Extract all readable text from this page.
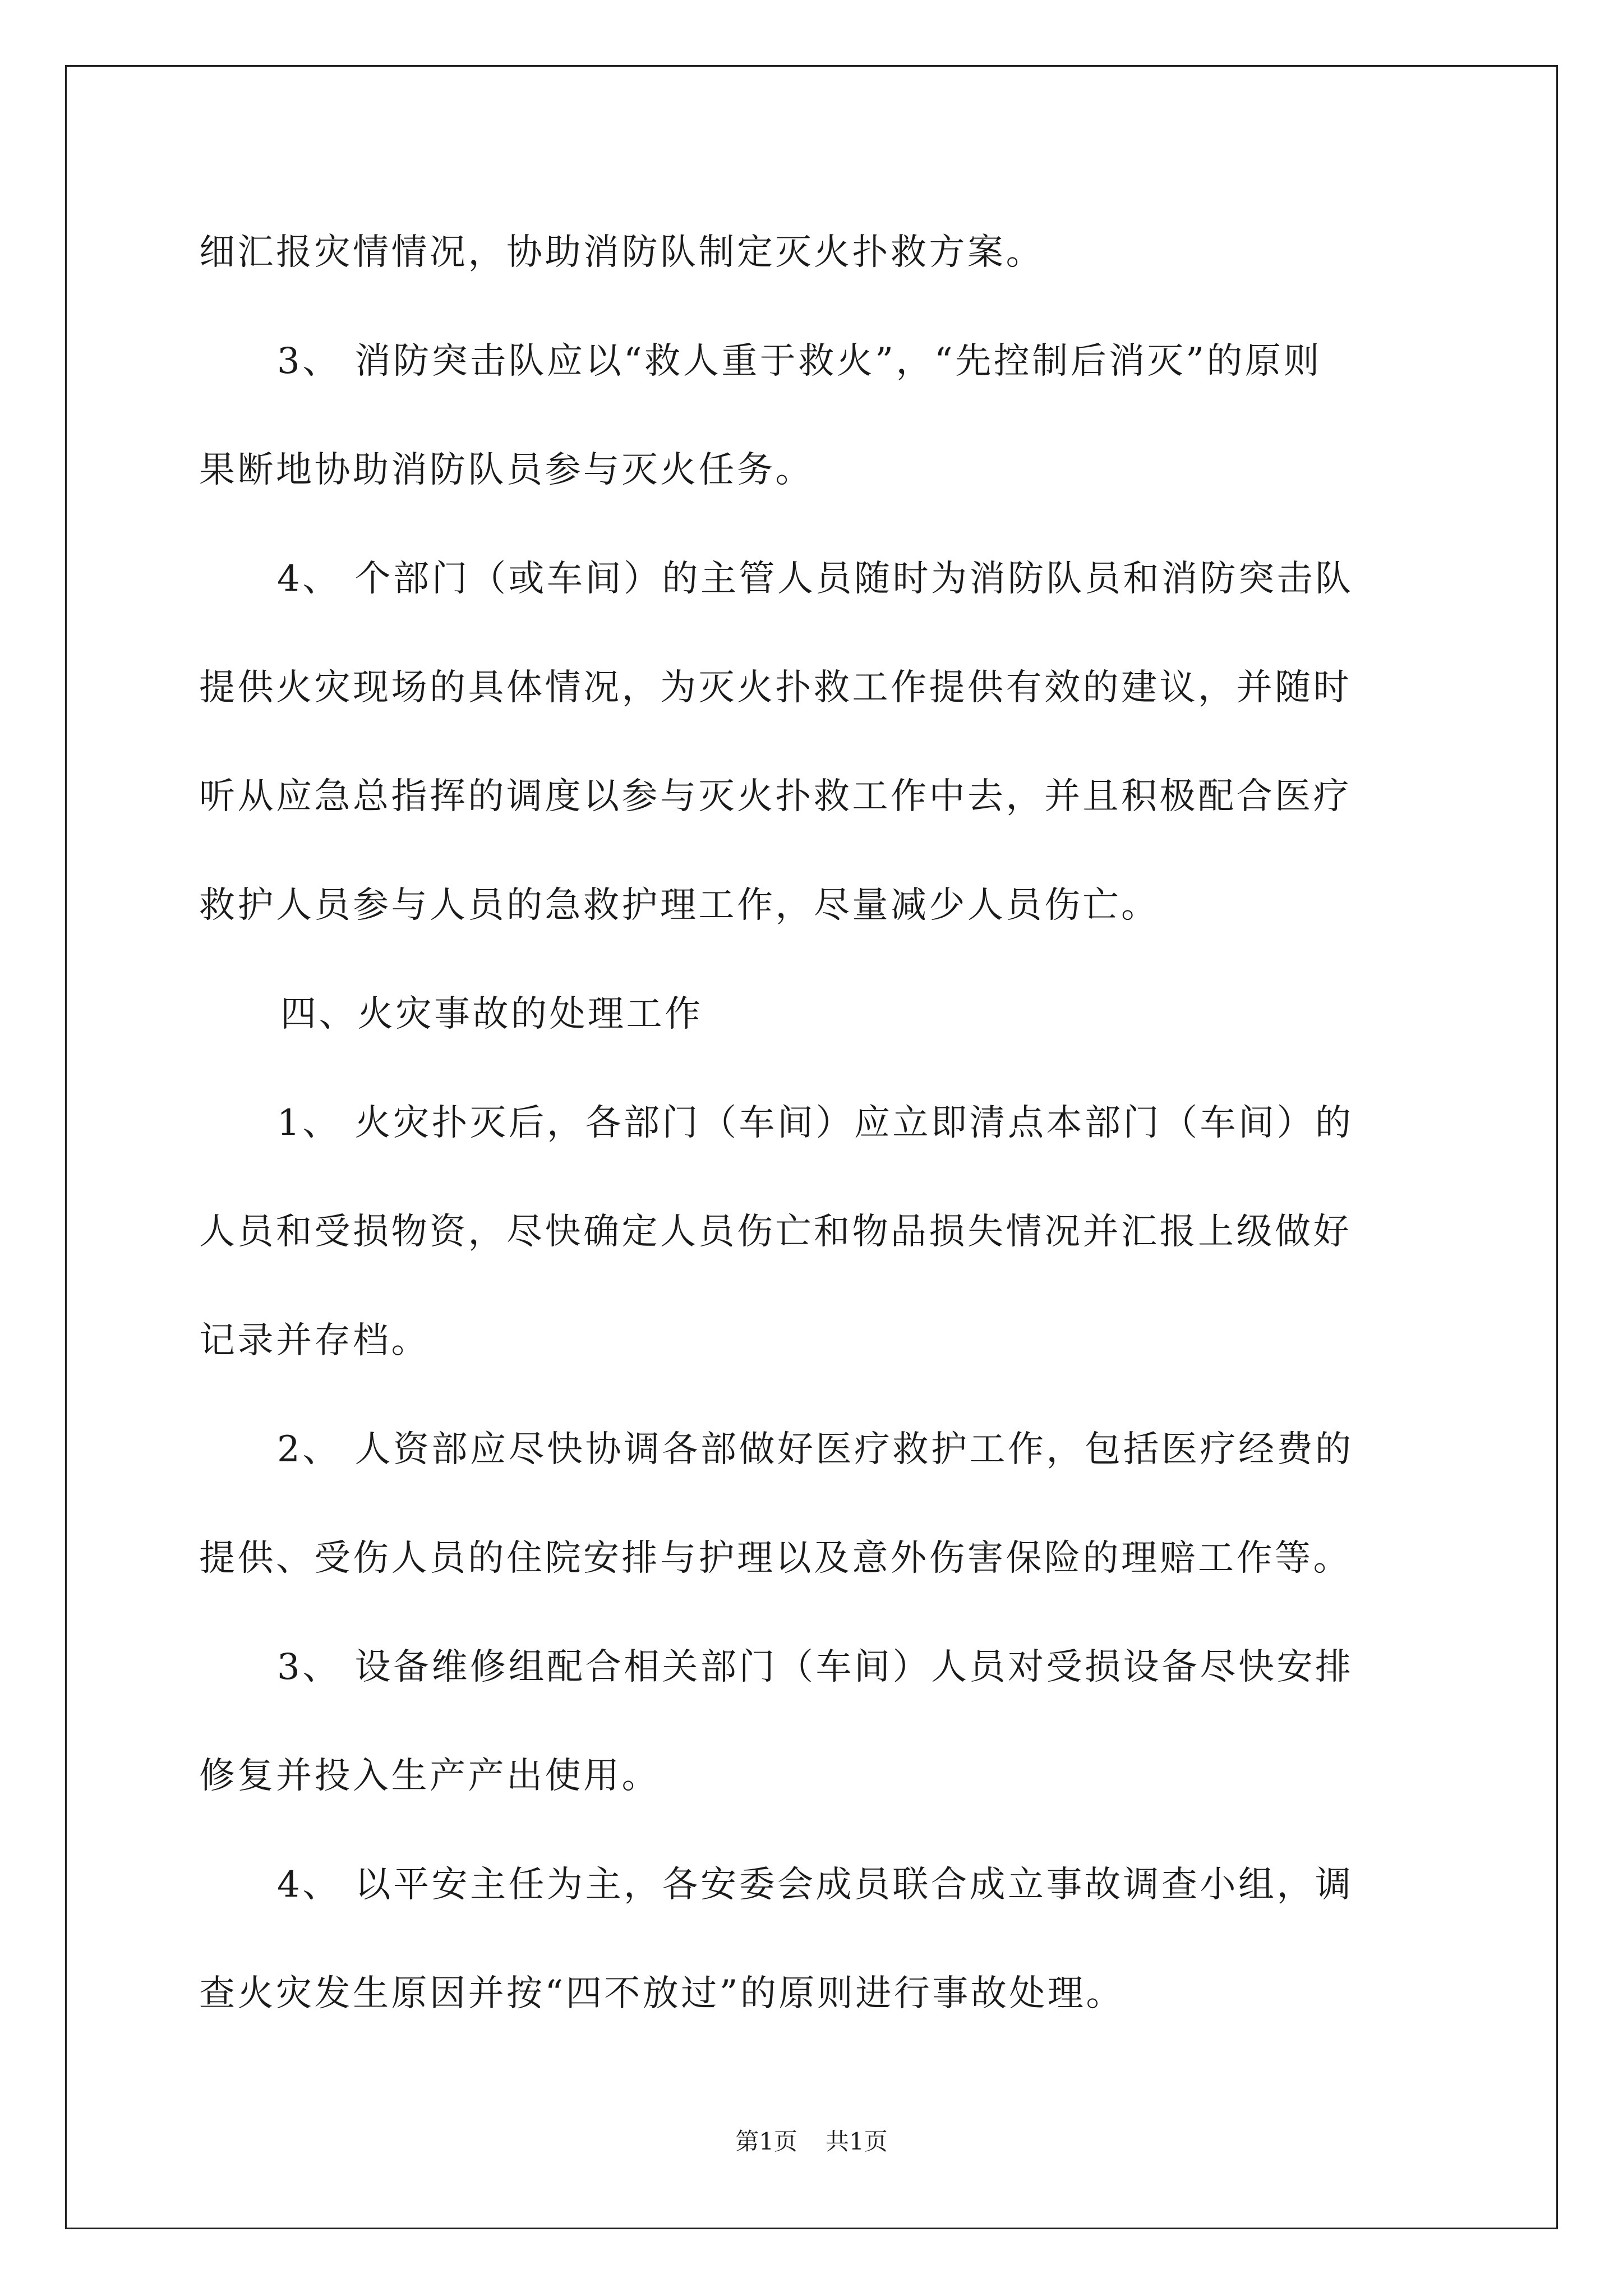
细汇报灾情情况，协助消防队制定灭火扑救方案。
3、 消防突击队应以“救人重于救火”，“先控制后消灭”的原则
果断地协助消防队员参与灭火任务。
4、 个部门（或车间）的主管人员随时为消防队员和消防突击队
提供火灾现场的具体情况，为灭火扑救工作提供有效的建议，并随时
听从应急总指挥的调度以参与灭火扑救工作中去，并且积极配合医疗
救护人员参与人员的急救护理工作，尽量减少人员伤亡。
四、火灾事故的处理工作
1、 火灾扑灭后，各部门（车间）应立即清点本部门（车间）的
人员和受损物资，尽快确定人员伤亡和物品损失情况并汇报上级做好
记录并存档。
2、 人资部应尽快协调各部做好医疗救护工作，包括医疗经费的
提供、受伤人员的住院安排与护理以及意外伤害保险的理赔工作等。
3、 设备维修组配合相关部门（车间）人员对受损设备尽快安排
修复并投入生产产出使用。
4、 以平安主任为主，各安委会成员联合成立事故调查小组，调
查火灾发生原因并按“四不放过”的原则进行事故处理。
第1页 共1页
